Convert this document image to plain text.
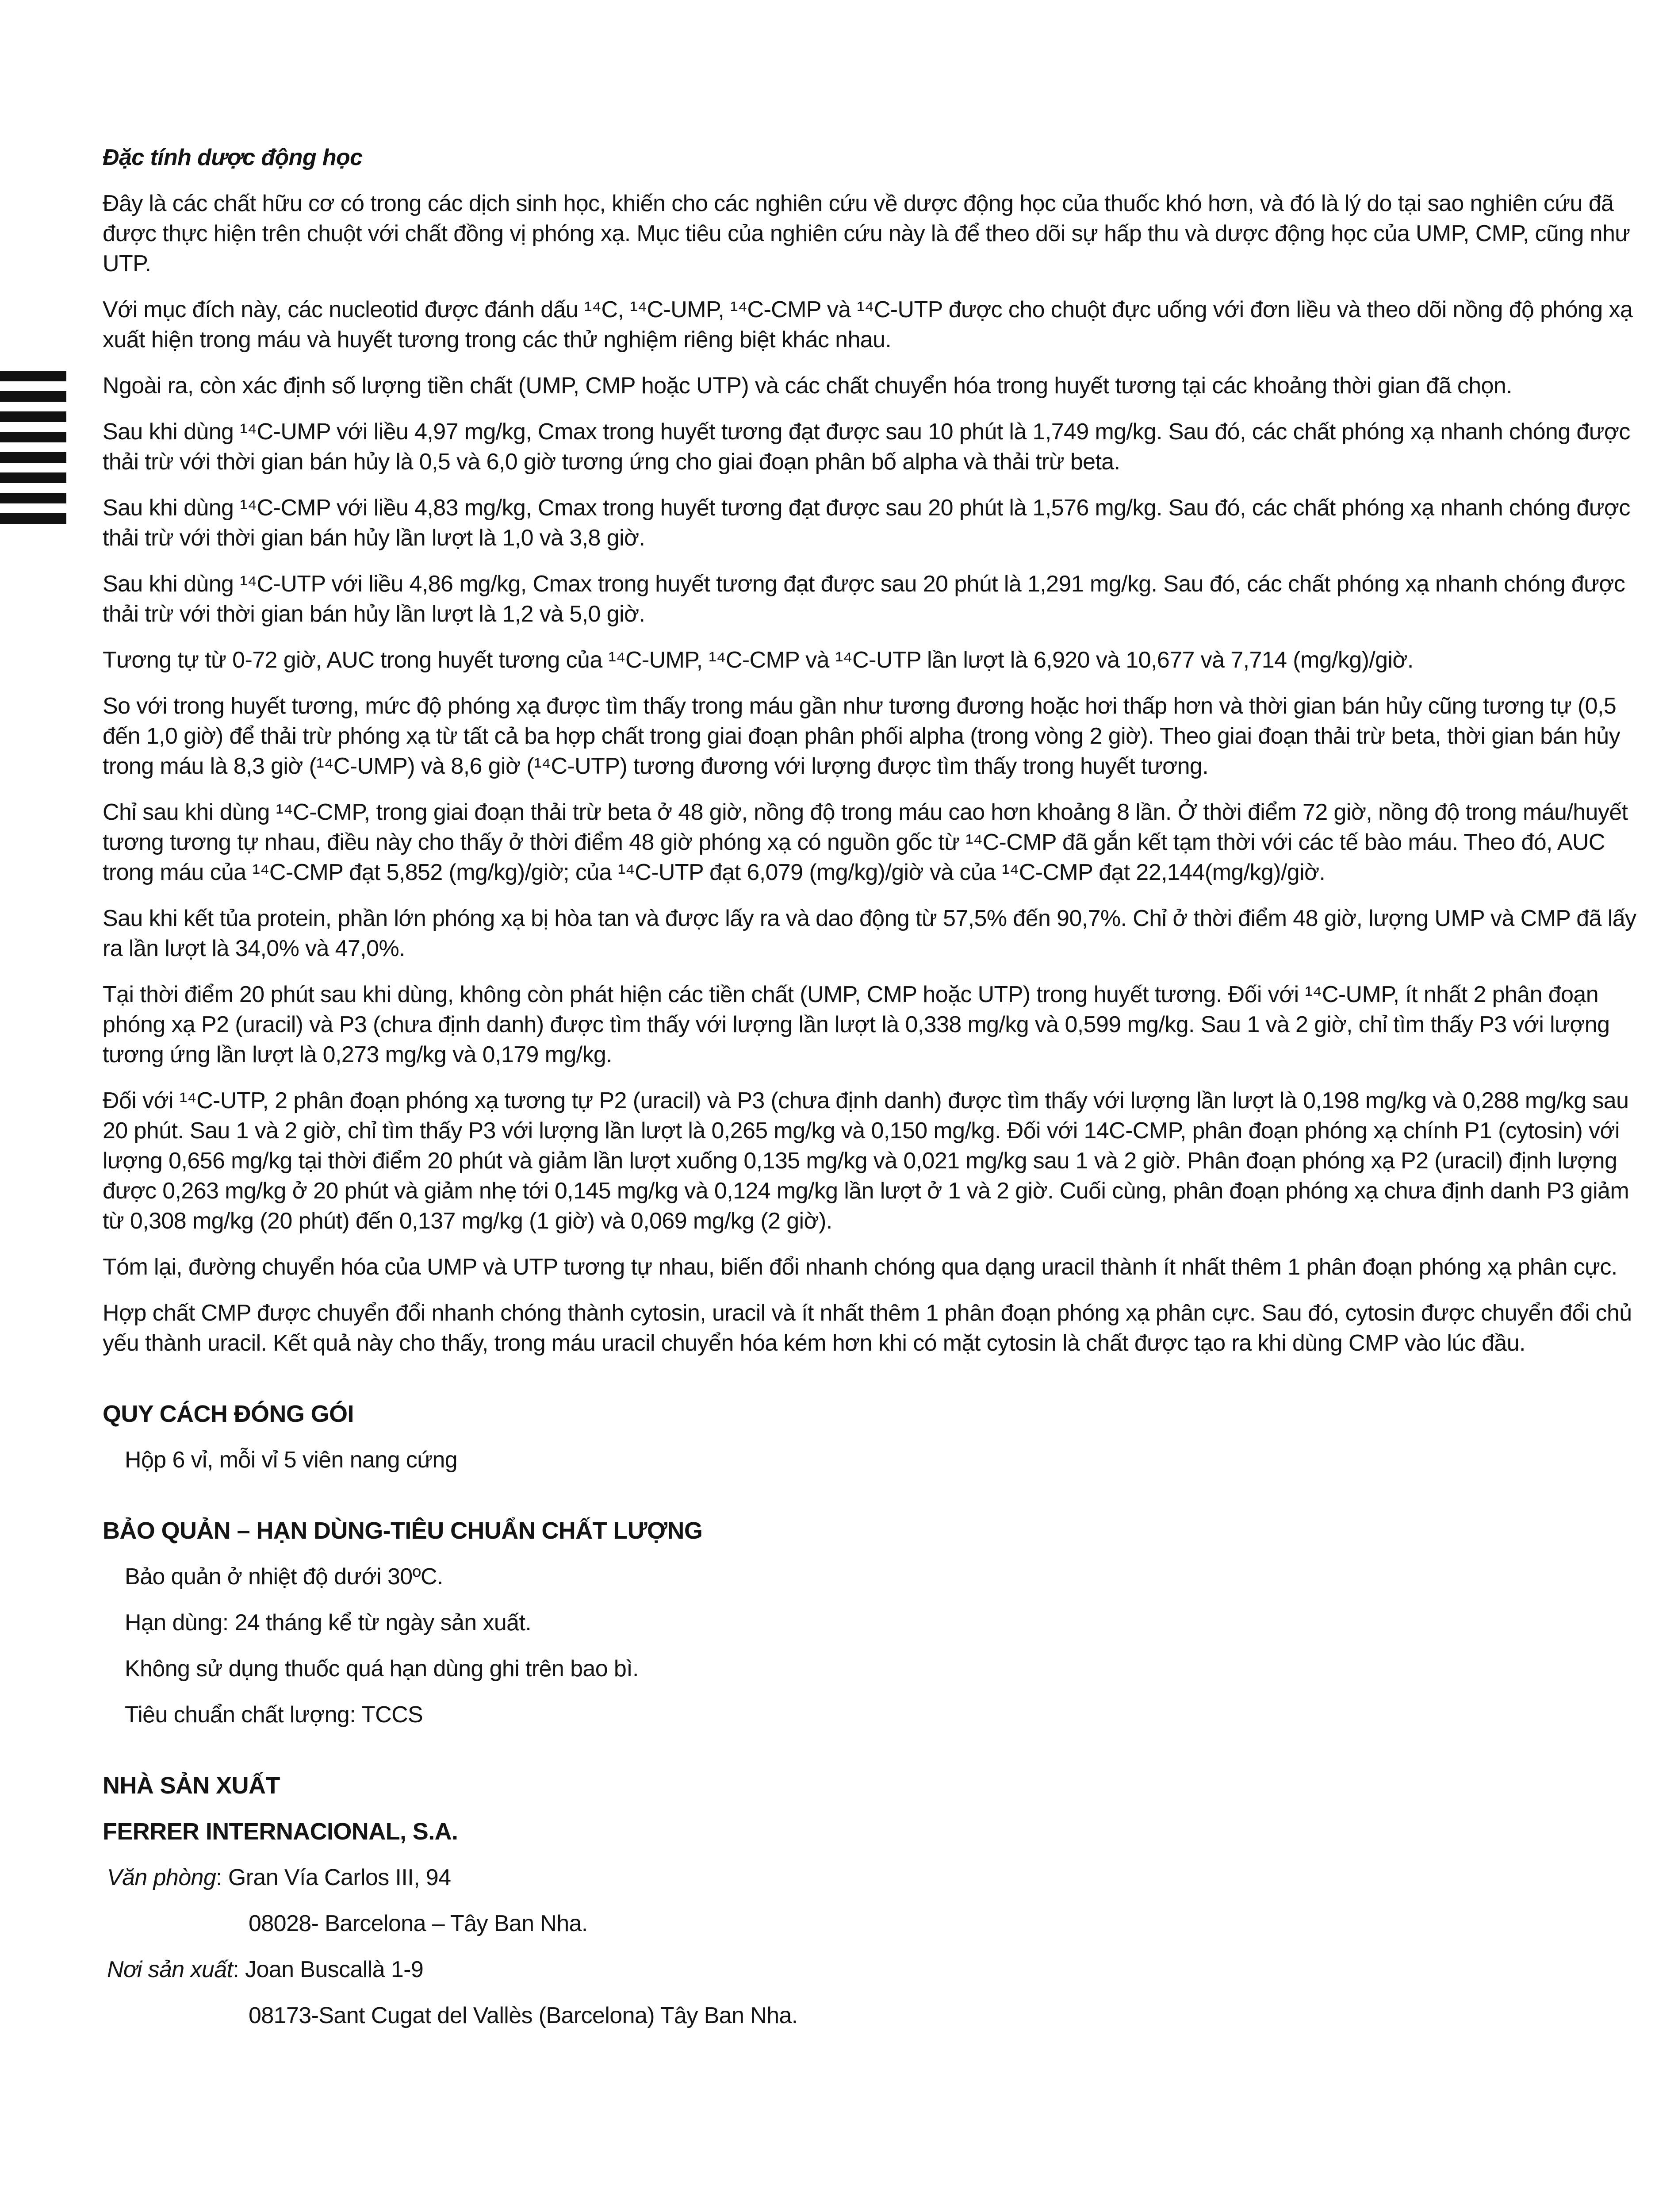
Đặc tính dược động học

Đây là các chất hữu cơ có trong các dịch sinh học, khiến cho các nghiên cứu về dược động học của thuốc khó hơn, và đó là lý do tại sao nghiên cứu đã được thực hiện trên chuột với chất đồng vị phóng xạ. Mục tiêu của nghiên cứu này là để theo dõi sự hấp thu và dược động học của UMP, CMP, cũng như UTP.

Với mục đích này, các nucleotid được đánh dấu ¹⁴C, ¹⁴C-UMP, ¹⁴C-CMP và ¹⁴C-UTP được cho chuột đực uống với đơn liều và theo dõi nồng độ phóng xạ xuất hiện trong máu và huyết tương trong các thử nghiệm riêng biệt khác nhau.

Ngoài ra, còn xác định số lượng tiền chất (UMP, CMP hoặc UTP) và các chất chuyển hóa trong huyết tương tại các khoảng thời gian đã chọn.

Sau khi dùng ¹⁴C-UMP với liều 4,97 mg/kg, Cmax trong huyết tương đạt được sau 10 phút là 1,749 mg/kg. Sau đó, các chất phóng xạ nhanh chóng được thải trừ với thời gian bán hủy là 0,5 và 6,0 giờ tương ứng cho giai đoạn phân bố alpha và thải trừ beta.

Sau khi dùng ¹⁴C-CMP với liều 4,83 mg/kg, Cmax trong huyết tương đạt được sau 20 phút là 1,576 mg/kg. Sau đó, các chất phóng xạ nhanh chóng được thải trừ với thời gian bán hủy lần lượt là 1,0 và 3,8 giờ.

Sau khi dùng ¹⁴C-UTP với liều 4,86 mg/kg, Cmax trong huyết tương đạt được sau 20 phút là 1,291 mg/kg. Sau đó, các chất phóng xạ nhanh chóng được thải trừ với thời gian bán hủy lần lượt là 1,2 và 5,0 giờ.

Tương tự từ 0-72 giờ, AUC trong huyết tương của ¹⁴C-UMP, ¹⁴C-CMP và ¹⁴C-UTP lần lượt là 6,920 và 10,677 và 7,714 (mg/kg)/giờ.

So với trong huyết tương, mức độ phóng xạ được tìm thấy trong máu gần như tương đương hoặc hơi thấp hơn và thời gian bán hủy cũng tương tự (0,5 đến 1,0 giờ) để thải trừ phóng xạ từ tất cả ba hợp chất trong giai đoạn phân phối alpha (trong vòng 2 giờ). Theo giai đoạn thải trừ beta, thời gian bán hủy trong máu là 8,3 giờ (¹⁴C-UMP) và 8,6 giờ (¹⁴C-UTP) tương đương với lượng được tìm thấy trong huyết tương.

Chỉ sau khi dùng ¹⁴C-CMP, trong giai đoạn thải trừ beta ở 48 giờ, nồng độ trong máu cao hơn khoảng 8 lần. Ở thời điểm 72 giờ, nồng độ trong máu/huyết tương tương tự nhau, điều này cho thấy ở thời điểm 48 giờ phóng xạ có nguồn gốc từ ¹⁴C-CMP đã gắn kết tạm thời với các tế bào máu. Theo đó, AUC trong máu của ¹⁴C-CMP đạt 5,852 (mg/kg)/giờ; của ¹⁴C-UTP đạt 6,079 (mg/kg)/giờ và của ¹⁴C-CMP đạt 22,144(mg/kg)/giờ.

Sau khi kết tủa protein, phần lớn phóng xạ bị hòa tan và được lấy ra và dao động từ 57,5% đến 90,7%. Chỉ ở thời điểm 48 giờ, lượng UMP và CMP đã lấy ra lần lượt là 34,0% và 47,0%.

Tại thời điểm 20 phút sau khi dùng, không còn phát hiện các tiền chất (UMP, CMP hoặc UTP) trong huyết tương. Đối với ¹⁴C-UMP, ít nhất 2 phân đoạn phóng xạ P2 (uracil) và P3 (chưa định danh) được tìm thấy với lượng lần lượt là 0,338 mg/kg và 0,599 mg/kg. Sau 1 và 2 giờ, chỉ tìm thấy P3 với lượng tương ứng lần lượt là 0,273 mg/kg và 0,179 mg/kg.

Đối với ¹⁴C-UTP, 2 phân đoạn phóng xạ tương tự P2 (uracil) và P3 (chưa định danh) được tìm thấy với lượng lần lượt là 0,198 mg/kg và 0,288 mg/kg sau 20 phút. Sau 1 và 2 giờ, chỉ tìm thấy P3 với lượng lần lượt là 0,265 mg/kg và 0,150 mg/kg. Đối với 14C-CMP, phân đoạn phóng xạ chính P1 (cytosin) với lượng 0,656 mg/kg tại thời điểm 20 phút và giảm lần lượt xuống 0,135 mg/kg và 0,021 mg/kg sau 1 và 2 giờ. Phân đoạn phóng xạ P2 (uracil) định lượng được 0,263 mg/kg ở 20 phút và giảm nhẹ tới 0,145 mg/kg và 0,124 mg/kg lần lượt ở 1 và 2 giờ. Cuối cùng, phân đoạn phóng xạ chưa định danh P3 giảm từ 0,308 mg/kg (20 phút) đến 0,137 mg/kg (1 giờ) và 0,069 mg/kg (2 giờ).

Tóm lại, đường chuyển hóa của UMP và UTP tương tự nhau, biến đổi nhanh chóng qua dạng uracil thành ít nhất thêm 1 phân đoạn phóng xạ phân cực.

Hợp chất CMP được chuyển đổi nhanh chóng thành cytosin, uracil và ít nhất thêm 1 phân đoạn phóng xạ phân cực. Sau đó, cytosin được chuyển đổi chủ yếu thành uracil. Kết quả này cho thấy, trong máu uracil chuyển hóa kém hơn khi có mặt cytosin là chất được tạo ra khi dùng CMP vào lúc đầu.

QUY CÁCH ĐÓNG GÓI

Hộp 6 vỉ, mỗi vỉ 5 viên nang cứng

BẢO QUẢN – HẠN DÙNG-TIÊU CHUẨN CHẤT LƯỢNG

Bảo quản ở nhiệt độ dưới 30ºC.

Hạn dùng: 24 tháng kể từ ngày sản xuất.

Không sử dụng thuốc quá hạn dùng ghi trên bao bì.

Tiêu chuẩn chất lượng: TCCS

NHÀ SẢN XUẤT

FERRER INTERNACIONAL, S.A.

Văn phòng: Gran Vía Carlos III, 94

08028- Barcelona – Tây Ban Nha.

Nơi sản xuất: Joan Buscallà 1-9

08173-Sant Cugat del Vallès (Barcelona) Tây Ban Nha.
